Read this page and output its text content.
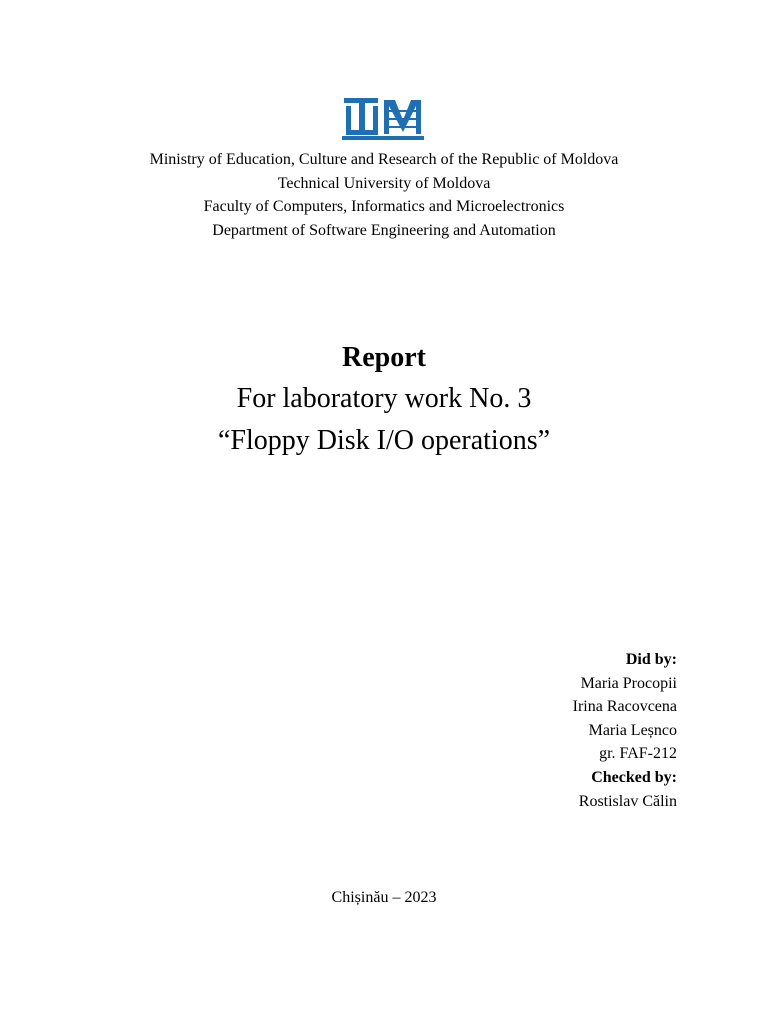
Ministry of Education, Culture and Research of the Republic of Moldova
Technical University of Moldova
Faculty of Computers, Informatics and Microelectronics
Department of Software Engineering and Automation
Report
For laboratory work No. 3
“Floppy Disk I/O operations”
Did by:
Maria Procopii
Irina Racovcena
Maria Leșnco
gr. FAF-212
Checked by:
Rostislav Călin
Chișinău – 2023
